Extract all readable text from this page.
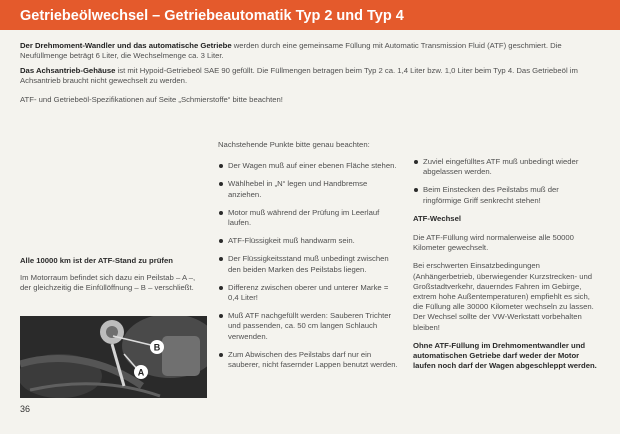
Getriebeölwechsel – Getriebeautomatik Typ 2 und Typ 4
Der Drehmoment-Wandler und das automatische Getriebe werden durch eine gemeinsame Füllung mit Automatic Transmission Fluid (ATF) geschmiert. Die Neufüllmenge beträgt 6 Liter, die Wechselmenge ca. 3 Liter.
Das Achsantrieb-Gehäuse ist mit Hypoid-Getriebeöl SAE 90 gefüllt. Die Füllmengen betragen beim Typ 2 ca. 1,4 Liter bzw. 1,0 Liter beim Typ 4. Das Getriebeöl im Achsantrieb braucht nicht gewechselt zu werden.
ATF- und Getriebeöl-Spezifikationen auf Seite „Schmierstoffe“ bitte beachten!
Alle 10000 km ist der ATF-Stand zu prüfen

Im Motorraum befindet sich dazu ein Peilstab – A –, der gleichzeitig die Einfüllöffnung – B – verschließt.

B
A
Nachstehende Punkte bitte genau beachten:
Der Wagen muß auf einer ebenen Fläche stehen.
Wählhebel in „N“ legen und Handbremse anziehen.
Motor muß während der Prüfung im Leerlauf laufen.
ATF-Flüssigkeit muß handwarm sein.
Der Flüssigkeitsstand muß unbedingt zwischen den beiden Marken des Peilstabs liegen.
Differenz zwischen oberer und unterer Marke = 0,4 Liter!
Muß ATF nachgefüllt werden: Sauberen Trichter und passenden, ca. 50 cm langen Schlauch verwenden.
Zum Abwischen des Peilstabs darf nur ein sauberer, nicht fasernder Lappen benutzt werden.
Zuviel eingefülltes ATF muß unbedingt wieder abgelassen werden.
Beim Einstecken des Peilstabs muß der ringförmige Griff senkrecht stehen!
ATF-Wechsel

Die ATF-Füllung wird normalerweise alle 50000 Kilometer gewechselt.

Bei erschwerten Einsatzbedingungen (Anhängerbetrieb, überwiegender Kurzstrecken- und Großstadtverkehr, dauerndes Fahren im Gebirge, extrem hohe Außentemperaturen) empfiehlt es sich, die Füllung alle 30000 Kilometer wechseln zu lassen. Der Wechsel sollte der VW-Werkstatt vorbehalten bleiben!

Ohne ATF-Füllung im Drehmomentwandler und automatischen Getriebe darf weder der Motor laufen noch darf der Wagen abgeschleppt werden.

36
